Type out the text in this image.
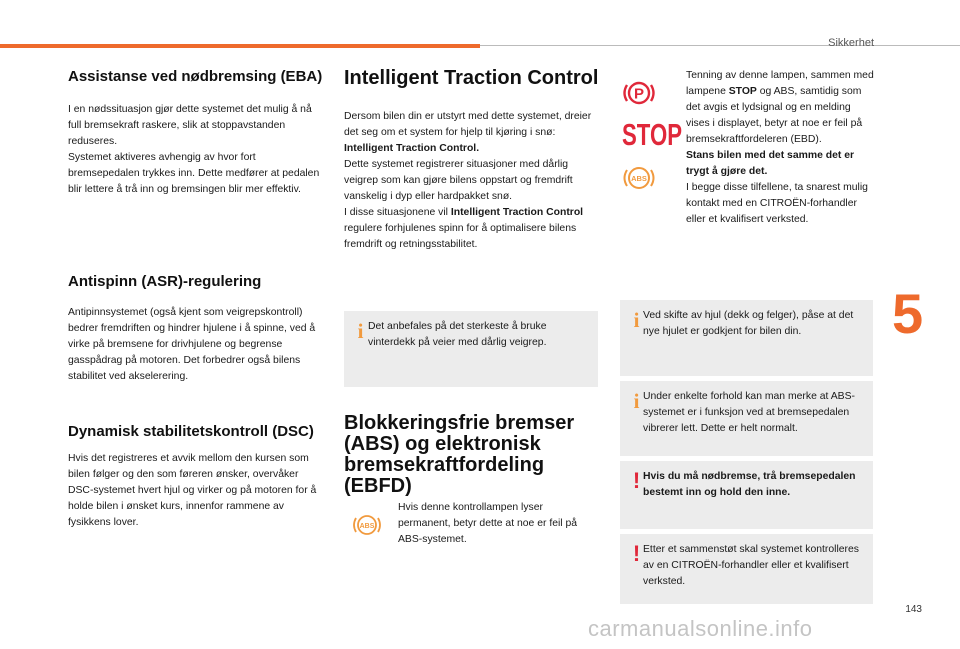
Sikkerhet
5
Assistanse ved nødbremsing (EBA)

I en nødssituasjon gjør dette systemet det mulig å nå full bremsekraft raskere, slik at stoppavstanden reduseres.

Systemet aktiveres avhengig av hvor fort bremsepedalen trykkes inn. Dette medfører at pedalen blir lettere å trå inn og bremsingen blir mer effektiv.

Antispinn (ASR)-regulering

Antipinnsystemet (også kjent som veigrepskontroll) bedrer fremdriften og hindrer hjulene i å spinne, ved å virke på bremsene for drivhjulene og begrense gasspådrag på motoren. Det forbedrer også bilens stabilitet ved akselerering.

Dynamisk stabilitetskontroll (DSC)

Hvis det registreres et avvik mellom den kursen som bilen følger og den som føreren ønsker, overvåker DSC-systemet hvert hjul og virker og på motoren for å holde bilen i ønsket kurs, innenfor rammene av fysikkens lover.

Intelligent Traction Control

Dersom bilen din er utstyrt med dette systemet, dreier det seg om et system for hjelp til kjøring i snø: Intelligent Traction Control.

Dette systemet registrerer situasjoner med dårlig veigrep som kan gjøre bilens oppstart og fremdrift vanskelig i dyp eller hardpakket snø.

I disse situasjonene vil Intelligent Traction Control regulere forhjulenes spinn for å optimalisere bilens fremdrift og retningsstabilitet.

i Det anbefales på det sterkeste å bruke vinterdekk på veier med dårlig veigrep.

Blokkeringsfrie bremser (ABS) og elektronisk bremsekraftfordeling (EBFD)
ABS

Hvis denne kontrollampen lyser permanent, betyr dette at noe er feil på ABS-systemet.

P
STOP
ABS

Tenning av denne lampen, sammen med lampene STOP og ABS, samtidig som det avgis et lydsignal og en melding vises i displayet, betyr at noe er feil på bremsekraftfordeleren (EBD).

Stans bilen med det samme det er trygt å gjøre det.

I begge disse tilfellene, ta snarest mulig kontakt med en CITROËN-forhandler eller et kvalifisert verksted.

i Ved skifte av hjul (dekk og felger), påse at det nye hjulet er godkjent for bilen din.

i Under enkelte forhold kan man merke at ABS-systemet er i funksjon ved at bremsepedalen vibrerer lett. Dette er helt normalt.

! Hvis du må nødbremse, trå bremsepedalen bestemt inn og hold den inne.

! Etter et sammenstøt skal systemet kontrolleres av en CITROËN-forhandler eller et kvalifisert verksted.

143
carmanualsonline.info
